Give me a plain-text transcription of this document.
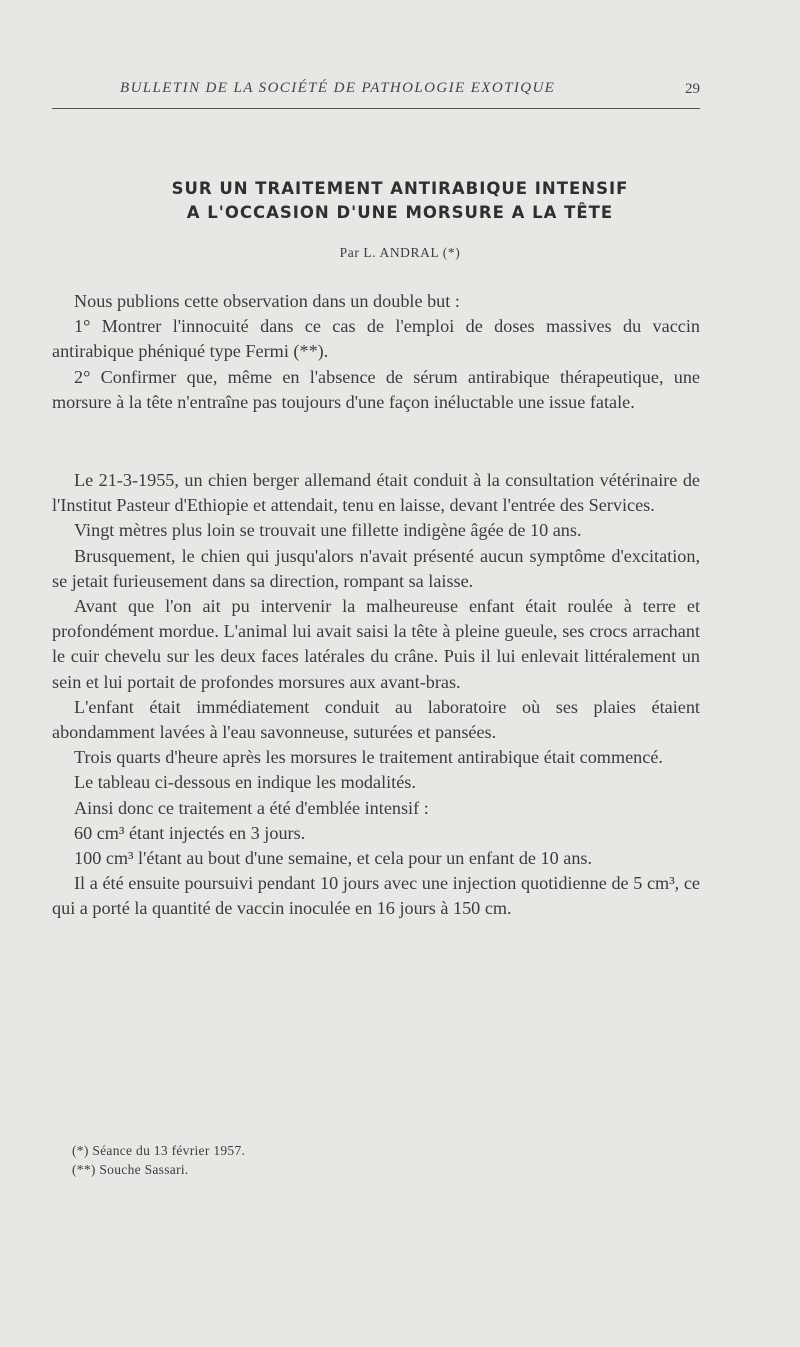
BULLETIN DE LA SOCIÉTÉ DE PATHOLOGIE EXOTIQUE	29
SUR UN TRAITEMENT ANTIRABIQUE INTENSIF
A L'OCCASION D'UNE MORSURE A LA TÊTE
Par L. ANDRAL (*)

Nous publions cette observation dans un double but :

1° Montrer l'innocuité dans ce cas de l'emploi de doses massives du vaccin antirabique phéniqué type Fermi (**).

2° Confirmer que, même en l'absence de sérum antirabique thérapeutique, une morsure à la tête n'entraîne pas toujours d'une façon inéluctable une issue fatale.

Le 21-3-1955, un chien berger allemand était conduit à la consultation vétérinaire de l'Institut Pasteur d'Ethiopie et attendait, tenu en laisse, devant l'entrée des Services.

Vingt mètres plus loin se trouvait une fillette indigène âgée de 10 ans.

Brusquement, le chien qui jusqu'alors n'avait présenté aucun symptôme d'excitation, se jetait furieusement dans sa direction, rompant sa laisse.

Avant que l'on ait pu intervenir la malheureuse enfant était roulée à terre et profondément mordue. L'animal lui avait saisi la tête à pleine gueule, ses crocs arrachant le cuir chevelu sur les deux faces latérales du crâne. Puis il lui enlevait littéralement un sein et lui portait de profondes morsures aux avant-bras.

L'enfant était immédiatement conduit au laboratoire où ses plaies étaient abondamment lavées à l'eau savonneuse, suturées et pansées.

Trois quarts d'heure après les morsures le traitement antirabique était commencé.

Le tableau ci-dessous en indique les modalités.

Ainsi donc ce traitement a été d'emblée intensif :

60 cm³ étant injectés en 3 jours.

100 cm³ l'étant au bout d'une semaine, et cela pour un enfant de 10 ans.

Il a été ensuite poursuivi pendant 10 jours avec une injection quotidienne de 5 cm³, ce qui a porté la quantité de vaccin inoculée en 16 jours à 150 cm.

(*) Séance du 13 février 1957.
(**) Souche Sassari.
